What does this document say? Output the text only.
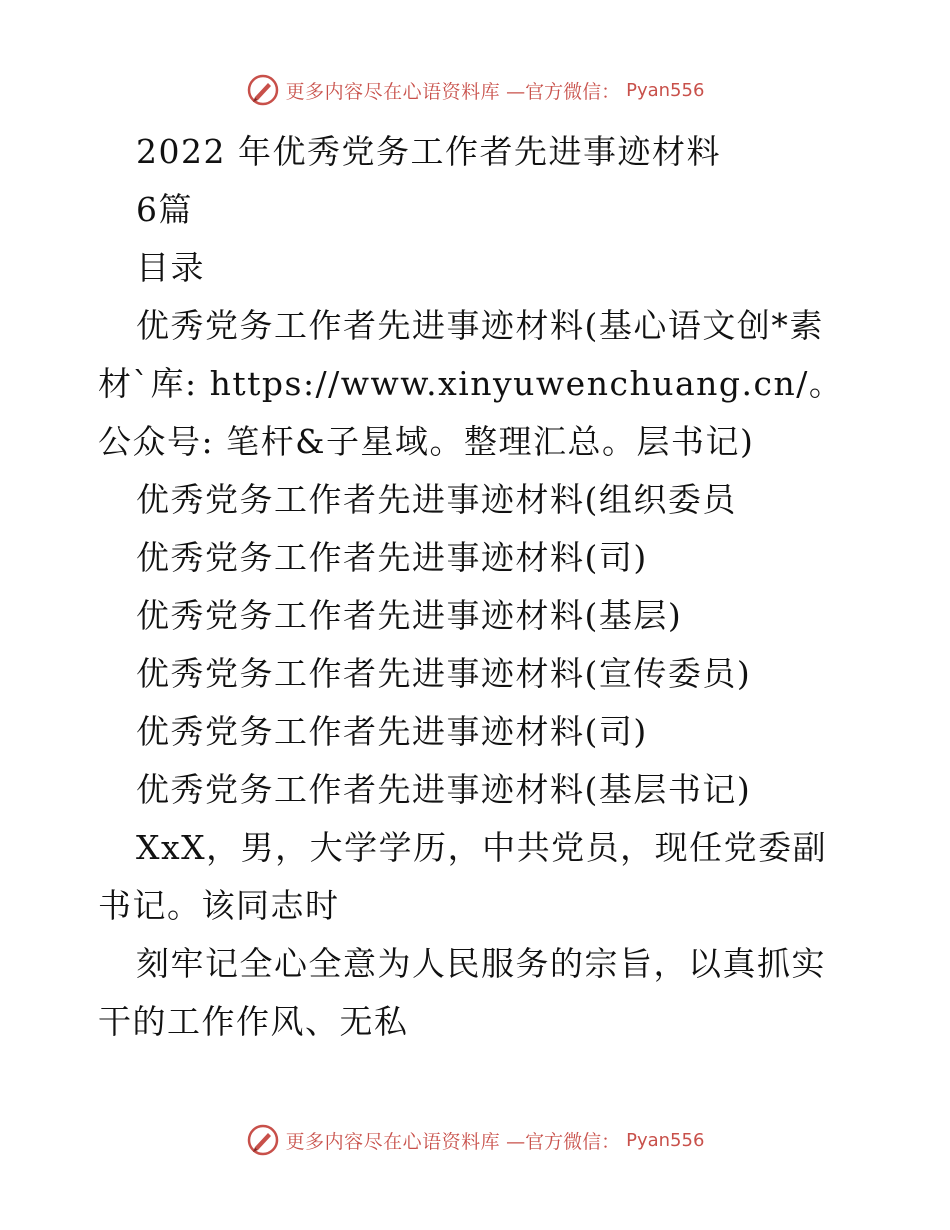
更多内容尽在心语资料库 —官方微信： Pyan556

2022 年优秀党务工作者先进事迹材料

6篇

目录

优秀党务工作者先进事迹材料(基心语文创*素材`库: https://www.xinyuwenchuang.cn/。公众号: 笔杆&子星域。整理汇总。层书记)

优秀党务工作者先进事迹材料(组织委员

优秀党务工作者先进事迹材料(司)

优秀党务工作者先进事迹材料(基层)

优秀党务工作者先进事迹材料(宣传委员)

优秀党务工作者先进事迹材料(司)

优秀党务工作者先进事迹材料(基层书记)

XxX，男，大学学历，中共党员，现任党委副书记。该同志时

刻牢记全心全意为人民服务的宗旨，以真抓实干的工作作风、无私

更多内容尽在心语资料库 —官方微信： Pyan556
